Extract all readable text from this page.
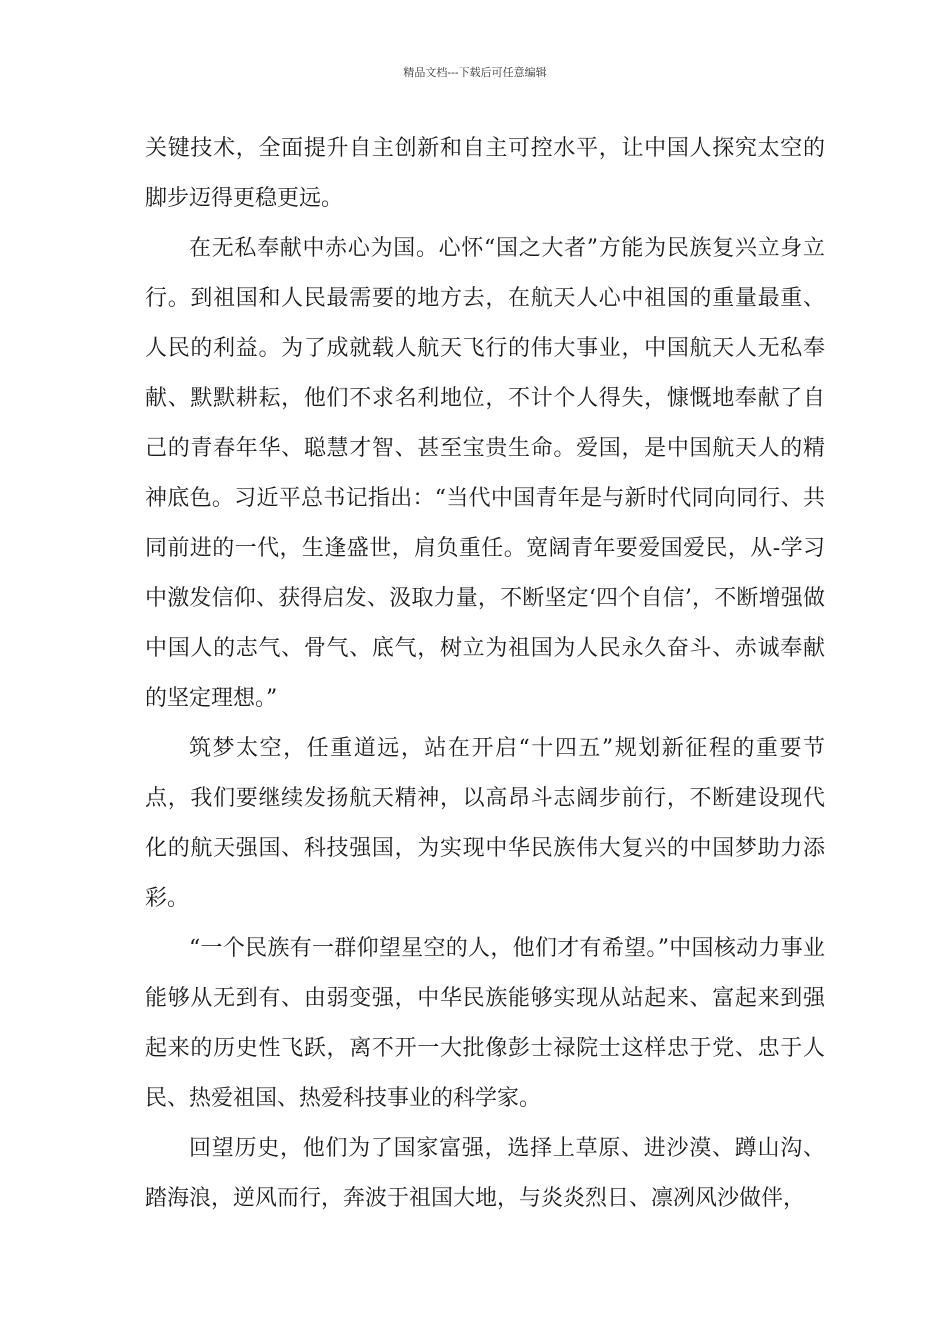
精品文档---下载后可任意编辑

关键技术，全面提升自主创新和自主可控水平，让中国人探究太空的脚步迈得更稳更远。

在无私奉献中赤心为国。心怀“国之大者”方能为民族复兴立身立行。到祖国和人民最需要的地方去，在航天人心中祖国的重量最重、人民的利益。为了成就载人航天飞行的伟大事业，中国航天人无私奉献、默默耕耘，他们不求名利地位，不计个人得失，慷慨地奉献了自己的青春年华、聪慧才智、甚至宝贵生命。爱国，是中国航天人的精神底色。习近平总书记指出：“当代中国青年是与新时代同向同行、共同前进的一代，生逢盛世，肩负重任。宽阔青年要爱国爱民，从-学习中激发信仰、获得启发、汲取力量，不断坚定‘四个自信’，不断增强做中国人的志气、骨气、底气，树立为祖国为人民永久奋斗、赤诚奉献的坚定理想。”

筑梦太空，任重道远，站在开启“十四五”规划新征程的重要节点，我们要继续发扬航天精神，以高昂斗志阔步前行，不断建设现代化的航天强国、科技强国，为实现中华民族伟大复兴的中国梦助力添彩。

“一个民族有一群仰望星空的人，他们才有希望。”中国核动力事业能够从无到有、由弱变强，中华民族能够实现从站起来、富起来到强起来的历史性飞跃，离不开一大批像彭士禄院士这样忠于党、忠于人民、热爱祖国、热爱科技事业的科学家。

回望历史，他们为了国家富强，选择上草原、进沙漠、蹲山沟、踏海浪，逆风而行，奔波于祖国大地，与炎炎烈日、凛冽风沙做伴，
